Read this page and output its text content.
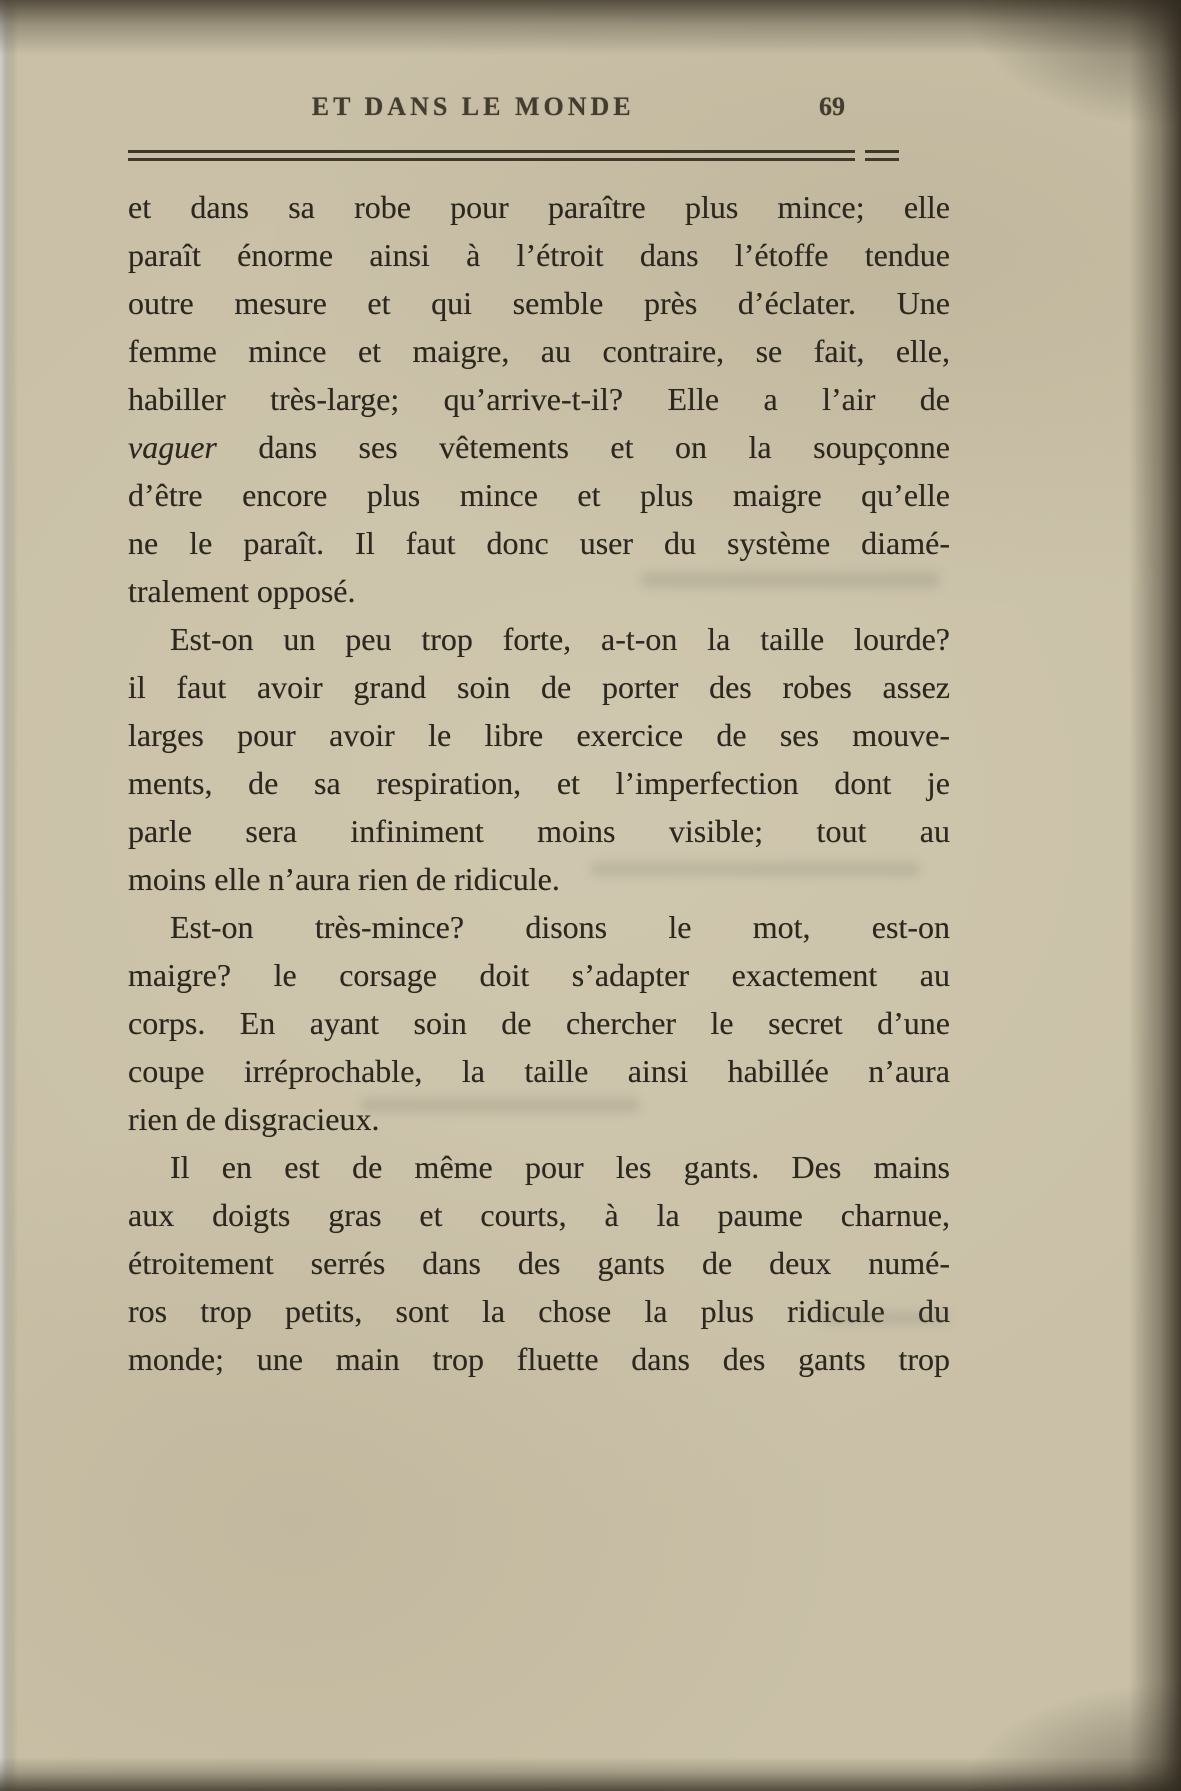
ET DANS LE MONDE	69
et dans sa robe pour paraître plus mince; elle
paraît énorme ainsi à l’étroit dans l’étoffe tendue
outre mesure et qui semble près d’éclater. Une
femme mince et maigre, au contraire, se fait, elle,
habiller très-large; qu’arrive-t-il? Elle a l’air de
vaguer dans ses vêtements et on la soupçonne
d’être encore plus mince et plus maigre qu’elle
ne le paraît. Il faut donc user du système diamé-
tralement opposé.
Est-on un peu trop forte, a-t-on la taille lourde?
il faut avoir grand soin de porter des robes assez
larges pour avoir le libre exercice de ses mouve-
ments, de sa respiration, et l’imperfection dont je
parle sera infiniment moins visible; tout au
moins elle n’aura rien de ridicule.
Est-on très-mince? disons le mot, est-on
maigre? le corsage doit s’adapter exactement au
corps. En ayant soin de chercher le secret d’une
coupe irréprochable, la taille ainsi habillée n’aura
rien de disgracieux.
Il en est de même pour les gants. Des mains
aux doigts gras et courts, à la paume charnue,
étroitement serrés dans des gants de deux numé-
ros trop petits, sont la chose la plus ridicule du
monde; une main trop fluette dans des gants trop
